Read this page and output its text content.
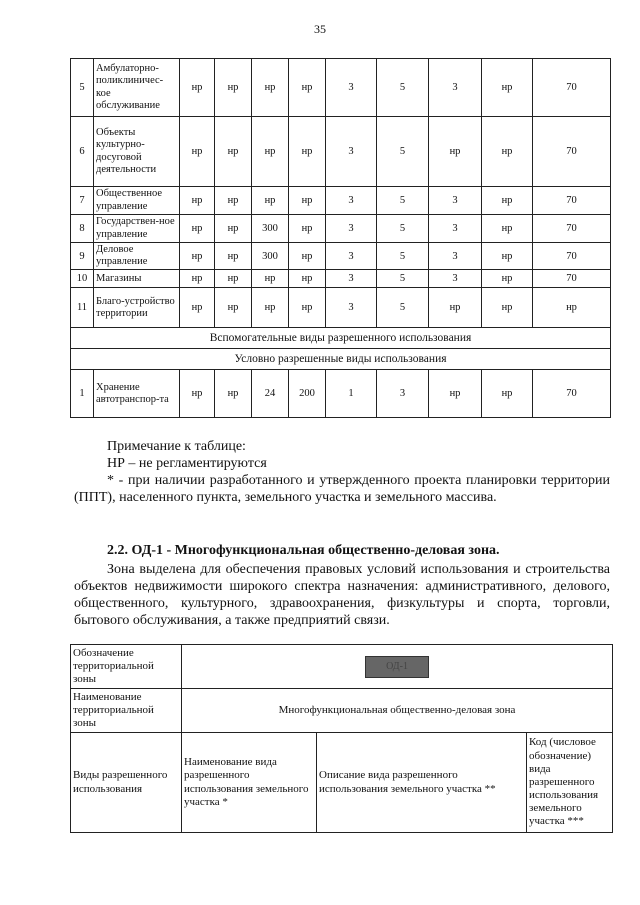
35
5	Амбулаторно-поликлиничес-кое обслуживание	нр	нр	нр	нр	3	5	3	нр	70
6	Объекты культурно-досуговой деятельности	нр	нр	нр	нр	3	5	нр	нр	70
7	Общественное управление	нр	нр	нр	нр	3	5	3	нр	70
8	Государствен-ное управление	нр	нр	300	нр	3	5	3	нр	70
9	Деловое управление	нр	нр	300	нр	3	5	3	нр	70
10	Магазины	нр	нр	нр	нр	3	5	3	нр	70
11	Благо-устройство территории	нр	нр	нр	нр	3	5	нр	нр	нр
Вспомогательные виды разрешенного использования										
Условно разрешенные виды использования										
1	Хранение автотранспор-та	нр	нр	24	200	1	3	нр	нр	70

Примечание к таблице:

НР – не регламентируются

* - при наличии разработанного и утвержденного проекта планировки территории (ППТ), населенного пункта, земельного участка и земельного массива.

2.2. ОД-1 - Многофункциональная общественно-деловая зона.

Зона выделена для обеспечения правовых условий использования и строительства объектов недвижимости широкого спектра назначения: административного, делового, общественного, культурного, здравоохранения, физкультуры и спорта, торговли, бытового обслуживания, а также предприятий связи.

Обозначение территориальной зоны	ОД-1		
Наименование территориальной зоны	Многофункциональная общественно-деловая зона		
Виды разрешенного использования	Наименование вида разрешенного использования земельного участка *	Описание вида разрешенного использования земельного участка **	Код (числовое обозначение) вида разрешенного использования земельного участка ***
